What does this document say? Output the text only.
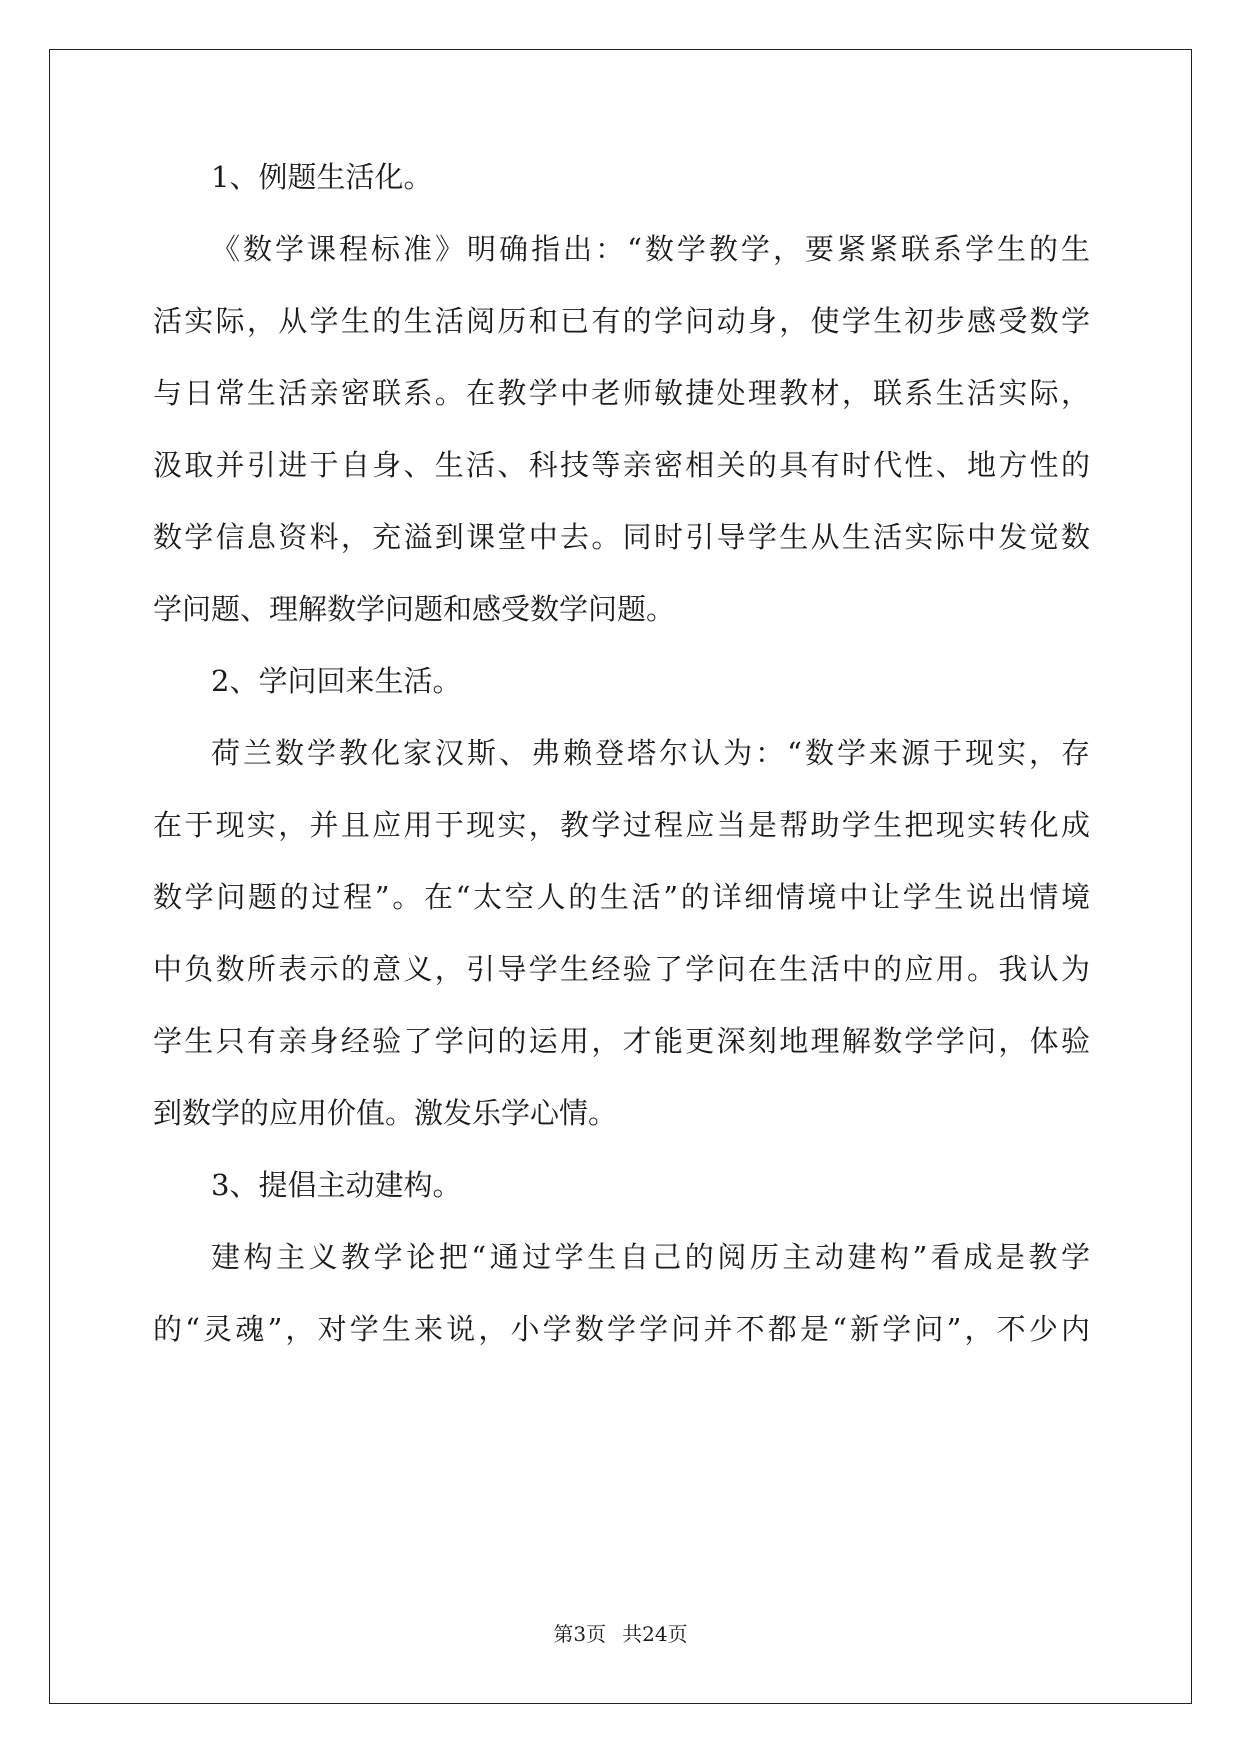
1、例题生活化。
《数学课程标准》明确指出：“数学教学，要紧紧联系学生的生
活实际，从学生的生活阅历和已有的学问动身，使学生初步感受数学
与日常生活亲密联系。在教学中老师敏捷处理教材，联系生活实际，
汲取并引进于自身、生活、科技等亲密相关的具有时代性、地方性的
数学信息资料，充溢到课堂中去。同时引导学生从生活实际中发觉数
学问题、理解数学问题和感受数学问题。
2、学问回来生活。
荷兰数学教化家汉斯、弗赖登塔尔认为：“数学来源于现实，存
在于现实，并且应用于现实，教学过程应当是帮助学生把现实转化成
数学问题的过程”。在“太空人的生活”的详细情境中让学生说出情境
中负数所表示的意义，引导学生经验了学问在生活中的应用。我认为
学生只有亲身经验了学问的运用，才能更深刻地理解数学学问，体验
到数学的应用价值。激发乐学心情。
3、提倡主动建构。
建构主义教学论把“通过学生自己的阅历主动建构”看成是教学
的“灵魂”，对学生来说，小学数学学问并不都是“新学问”，不少内
第3页 共24页
